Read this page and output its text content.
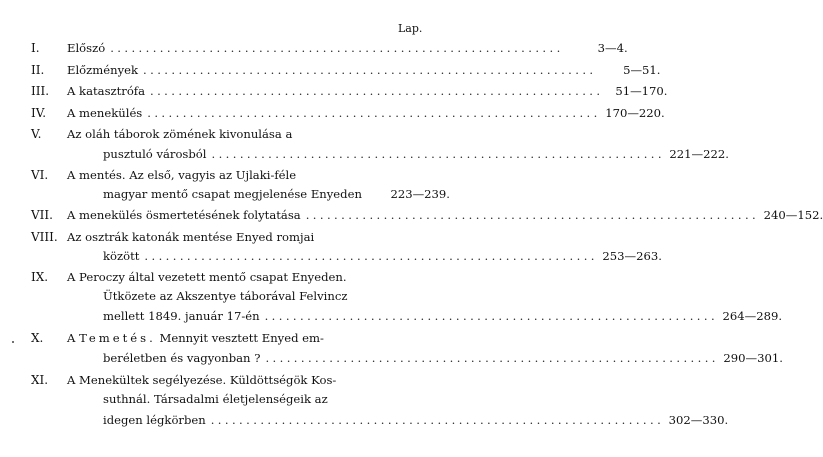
Lap.
I.	Előszó ................................................................	3—4.
II.	Előzmények ................................................................	5—51.
III.	A katasztrófa ................................................................	51—170.
IV.	A menekülés ................................................................ 170—220.
V.	Az oláh táborok zömének kivonulása a
pusztuló városból ................................................................ 221—222.
VI.	A mentés. Az első, vagyis az Ujlaki-féle
magyar mentő csapat megjelenése Enyeden 223—239.
VII.	A menekülés ösmertetésének folytatása ................................................................ 240—152.
VIII. Az osztrák katonák mentése Enyed romjai
között ................................................................ 253—263.
IX.	A Peroczy által vezetett mentő csapat Enyeden.
Ütközete az Akszentye táborával Felvincz
mellett 1849. január 17-én ................................................................ 264—289.
X.	A Temetés. Mennyit vesztett Enyed em-
beréletben és vagyonban ? ................................................................ 290—301.
XI.	A Menekültek segélyezése. Küldöttségök Kos-
suthnál. Társadalmi életjelenségeik az
idegen légkörben ................................................................ 302—330.
